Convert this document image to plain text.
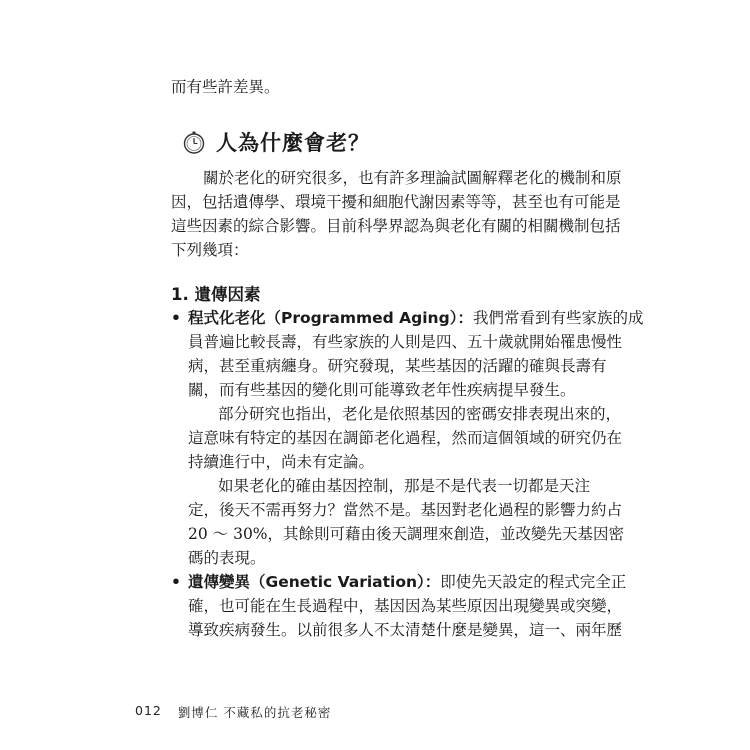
而有些許差異。
人為什麼會老？
關於老化的研究很多，也有許多理論試圖解釋老化的機制和原
因，包括遺傳學、環境干擾和細胞代謝因素等等，甚至也有可能是
這些因素的綜合影響。目前科學界認為與老化有關的相關機制包括
下列幾項：
1. 遺傳因素
• 程式化老化（Programmed Aging）：我們常看到有些家族的成
員普遍比較長壽，有些家族的人則是四、五十歲就開始罹患慢性
病，甚至重病纏身。研究發現，某些基因的活躍的確與長壽有
關，而有些基因的變化則可能導致老年性疾病提早發生。
部分研究也指出，老化是依照基因的密碼安排表現出來的，
這意味有特定的基因在調節老化過程，然而這個領域的研究仍在
持續進行中，尚未有定論。
如果老化的確由基因控制，那是不是代表一切都是天注
定，後天不需再努力？當然不是。基因對老化過程的影響力約占
20 ～ 30%，其餘則可藉由後天調理來創造，並改變先天基因密
碼的表現。
• 遺傳變異（Genetic Variation）：即使先天設定的程式完全正
確，也可能在生長過程中，基因因為某些原因出現變異或突變，
導致疾病發生。以前很多人不太清楚什麼是變異，這一、兩年歷
012 劉博仁 不藏私的抗老秘密
